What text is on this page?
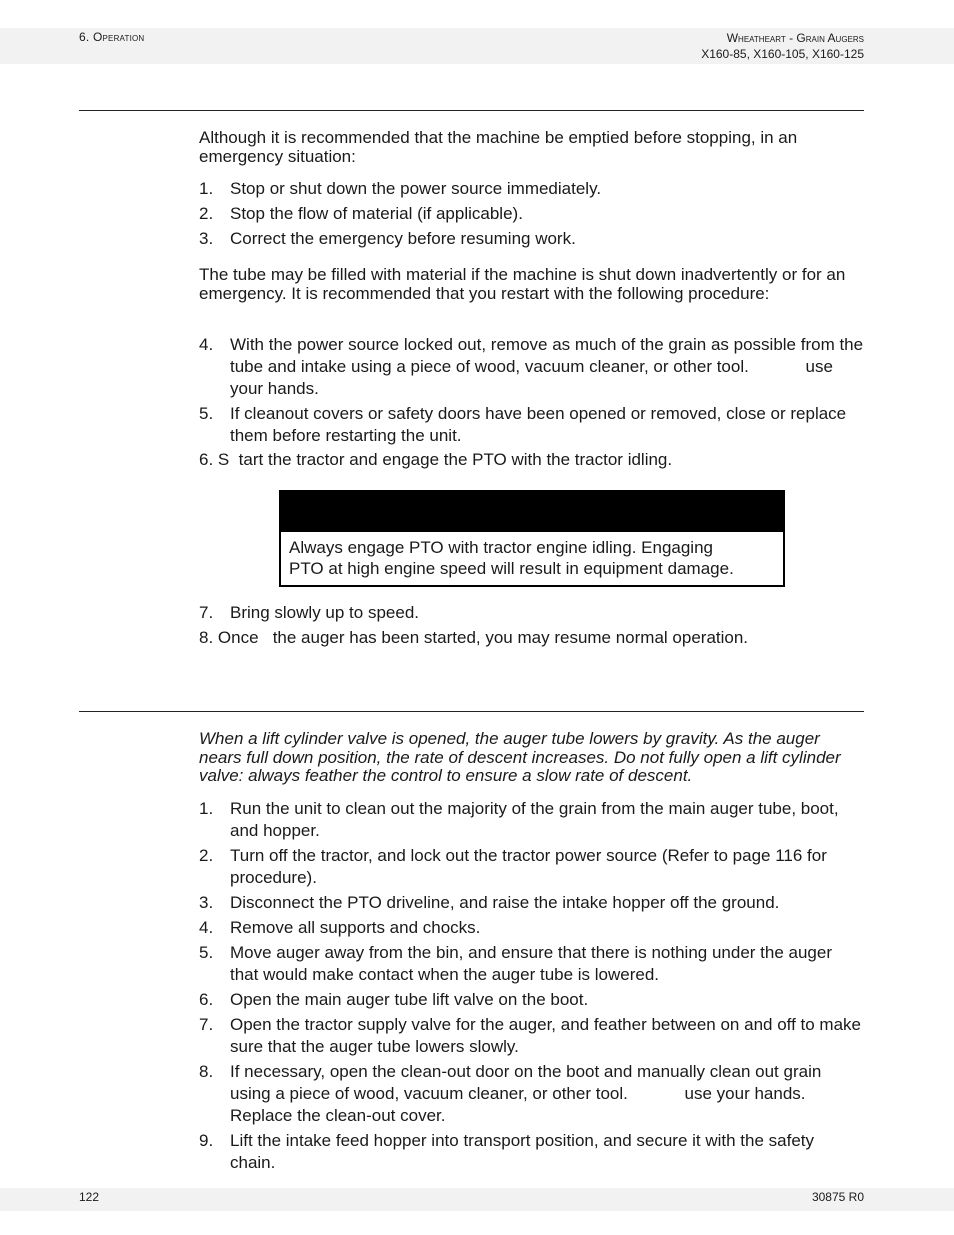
6. Operation	Wheatheart - Grain Augers
X160-85, X160-105, X160-125

Although it is recommended that the machine be emptied before stopping, in an emergency situation:

1. Stop or shut down the power source immediately.
2. Stop the flow of material (if applicable).
3. Correct the emergency before resuming work.

The tube may be filled with material if the machine is shut down inadvertently or for an emergency. It is recommended that you restart with the following procedure:

4. With the power source locked out, remove as much of the grain as possible from the tube and intake using a piece of wood, vacuum cleaner, or other tool.            use your hands.
5. If cleanout covers or safety doors have been opened or removed, close or replace them before restarting the unit.
6. S  tart the tractor and engage the PTO with the tractor idling.
Always engage PTO with tractor engine idling. Engaging
PTO at high engine speed will result in equipment damage.
7. Bring slowly up to speed.
8. Once   the auger has been started, you may resume normal operation.

When a lift cylinder valve is opened, the auger tube lowers by gravity. As the auger nears full down position, the rate of descent increases. Do not fully open a lift cylinder valve: always feather the control to ensure a slow rate of descent.

1. Run the unit to clean out the majority of the grain from the main auger tube, boot, and hopper.
2. Turn off the tractor, and lock out the tractor power source (Refer to page 116 for procedure).
3. Disconnect the PTO driveline, and raise the intake hopper off the ground.
4. Remove all supports and chocks.
5. Move auger away from the bin, and ensure that there is nothing under the auger that would make contact when the auger tube is lowered.
6. Open the main auger tube lift valve on the boot.
7. Open the tractor supply valve for the auger, and feather between on and off to make sure that the auger tube lowers slowly.
8. If necessary, open the clean-out door on the boot and manually clean out grain using a piece of wood, vacuum cleaner, or other tool.            use your hands. Replace the clean-out cover.
9. Lift the intake feed hopper into transport position, and secure it with the safety chain.
122	30875 R0
